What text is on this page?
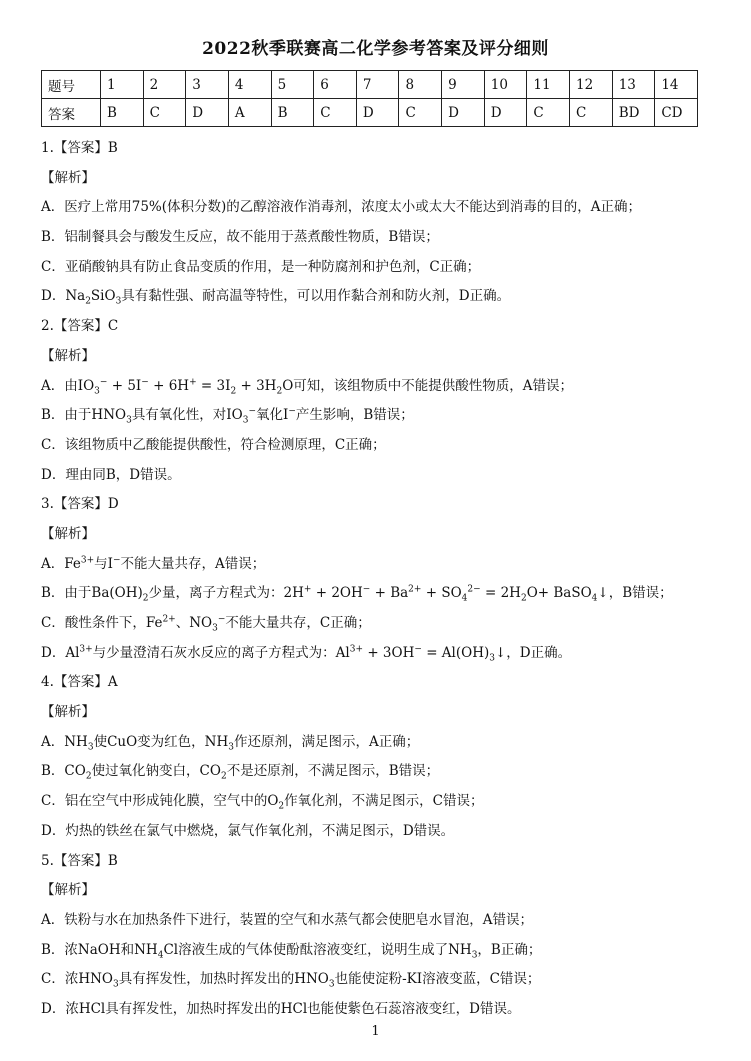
2022秋季联赛高二化学参考答案及评分细则
题号	1	2	3	4	5	6	7	8	9	10	11	12	13	14
答案	B	C	D	A	B	C	D	C	D	D	C	C	BD	CD
1.【答案】B
【解析】
A．医疗上常用75%(体积分数)的乙醇溶液作消毒剂，浓度太小或太大不能达到消毒的目的，A正确；
B．铝制餐具会与酸发生反应，故不能用于蒸煮酸性物质，B错误；
C．亚硝酸钠具有防止食品变质的作用，是一种防腐剂和护色剂，C正确；
D．$Na_2SiO_3$具有黏性强、耐高温等特性，可以用作黏合剂和防火剂，D正确。
2.【答案】C
【解析】
A．由$IO_3^- + 5I^- + 6H^+ = 3I_2 + 3H_2O$可知，该组物质中不能提供酸性物质，A错误；
B．由于$HNO_3$具有氧化性，对$IO_3^-$氧化I−产生影响，B错误；
C．该组物质中乙酸能提供酸性，符合检测原理，C正确；
D．理由同B，D错误。
3.【答案】D
【解析】
A．$Fe^{3+}$与I−不能大量共存，A错误；
B．由于$Ba(OH)_2$少量，离子方程式为：$2H^+ + 2OH^- + Ba^{2+} + SO_4^{2-} = 2H_2O+$ BaSO$_4$↓，B错误；
C．酸性条件下，$Fe^{2+}$、$NO_3^-$不能大量共存，C正确；
D．$Al^{3+}$与少量澄清石灰水反应的离子方程式为：$Al^{3+} + 3OH^-$ = $Al(OH)_3↓$，D正确。
4.【答案】A
【解析】
A．$NH_3$使CuO变为红色，$NH_3$作还原剂，满足图示，A正确；
B．$CO_2$使过氧化钠变白，$CO_2$不是还原剂，不满足图示，B错误；
C．铝在空气中形成钝化膜，空气中的$O_2$作氧化剂，不满足图示，C错误；
D．灼热的铁丝在氯气中燃烧，氯气作氧化剂，不满足图示，D错误。
5.【答案】B
【解析】
A．铁粉与水在加热条件下进行，装置的空气和水蒸气都会使肥皂水冒泡，A错误；
B．浓NaOH和$NH_4Cl$溶液生成的气体使酚酞溶液变红，说明生成了$NH_3$，B正确；
C．浓$HNO_3$具有挥发性，加热时挥发出的$HNO_3$也能使淀粉-KI溶液变蓝，C错误；
D．浓HCl具有挥发性，加热时挥发出的HCl也能使紫色石蕊溶液变红，D错误。
1
